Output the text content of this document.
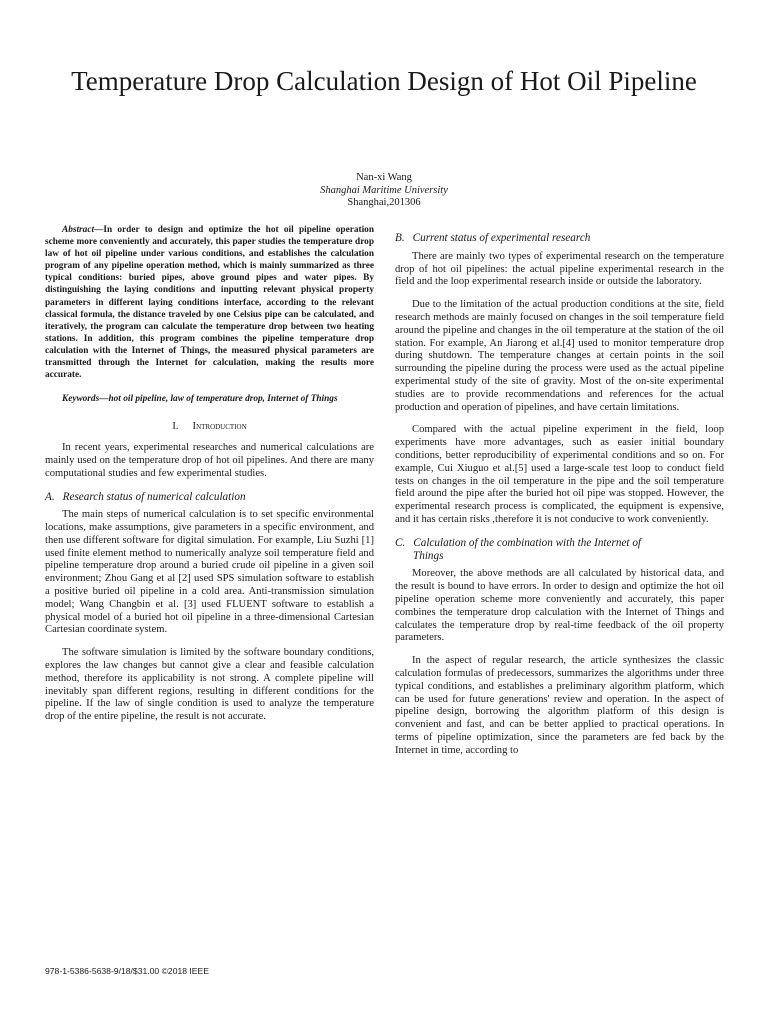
Temperature Drop Calculation Design of Hot Oil Pipeline
Nan-xi Wang
Shanghai Maritime University
Shanghai,201306

Abstract—In order to design and optimize the hot oil pipeline operation scheme more conveniently and accurately, this paper studies the temperature drop law of hot oil pipeline under various conditions, and establishes the calculation program of any pipeline operation method, which is mainly summarized as three typical conditions: buried pipes, above ground pipes and water pipes. By distinguishing the laying conditions and inputting relevant physical property parameters in different laying conditions interface, according to the relevant classical formula, the distance traveled by one Celsius pipe can be calculated, and iteratively, the program can calculate the temperature drop between two heating stations. In addition, this program combines the pipeline temperature drop calculation with the Internet of Things, the measured physical parameters are transmitted through the Internet for calculation, making the results more accurate.

Keywords—hot oil pipeline, law of temperature drop, Internet of Things

I. Introduction

In recent years, experimental researches and numerical calculations are mainly used on the temperature drop of hot oil pipelines. And there are many computational studies and few experimental studies.

A. Research status of numerical calculation

The main steps of numerical calculation is to set specific environmental locations, make assumptions, give parameters in a specific environment, and then use different software for digital simulation. For example, Liu Suzhi [1] used finite element method to numerically analyze soil temperature field and pipeline temperature drop around a buried crude oil pipeline in a given soil environment; Zhou Gang et al [2] used SPS simulation software to establish a positive buried oil pipeline in a cold area. Anti-transmission simulation model; Wang Changbin et al. [3] used FLUENT software to establish a physical model of a buried hot oil pipeline in a three-dimensional Cartesian Cartesian coordinate system.

The software simulation is limited by the software boundary conditions, explores the law changes but cannot give a clear and feasible calculation method, therefore its applicability is not strong. A complete pipeline will inevitably span different regions, resulting in different conditions for the pipeline. If the law of single condition is used to analyze the temperature drop of the entire pipeline, the result is not accurate.

B. Current status of experimental research

There are mainly two types of experimental research on the temperature drop of hot oil pipelines: the actual pipeline experimental research in the field and the loop experimental research inside or outside the laboratory.

Due to the limitation of the actual production conditions at the site, field research methods are mainly focused on changes in the soil temperature field around the pipeline and changes in the oil temperature at the station of the oil station. For example, An Jiarong et al.[4] used to monitor temperature drop during shutdown. The temperature changes at certain points in the soil surrounding the pipeline during the process were used as the actual pipeline experimental study of the site of gravity. Most of the on-site experimental studies are to provide recommendations and references for the actual production and operation of pipelines, and have certain limitations.

Compared with the actual pipeline experiment in the field, loop experiments have more advantages, such as easier initial boundary conditions, better reproducibility of experimental conditions and so on. For example, Cui Xiuguo et al.[5] used a large-scale test loop to conduct field tests on changes in the oil temperature in the pipe and the soil temperature field around the pipe after the buried hot oil pipe was stopped. However, the experimental research process is complicated, the equipment is expensive, and it has certain risks ,therefore it is not conducive to work conveniently.

C. Calculation of the combination with the Internet of
Things

Moreover, the above methods are all calculated by historical data, and the result is bound to have errors. In order to design and optimize the hot oil pipeline operation scheme more conveniently and accurately, this paper combines the temperature drop calculation with the Internet of Things and calculates the temperature drop by real-time feedback of the oil property parameters.

In the aspect of regular research, the article synthesizes the classic calculation formulas of predecessors, summarizes the algorithms under three typical conditions, and establishes a preliminary algorithm platform, which can be used for future generations' review and operation. In the aspect of pipeline design, borrowing the algorithm platform of this design is convenient and fast, and can be better applied to practical operations. In terms of pipeline optimization, since the parameters are fed back by the Internet in time, according to

978-1-5386-5638-9/18/$31.00 ©2018 IEEE
